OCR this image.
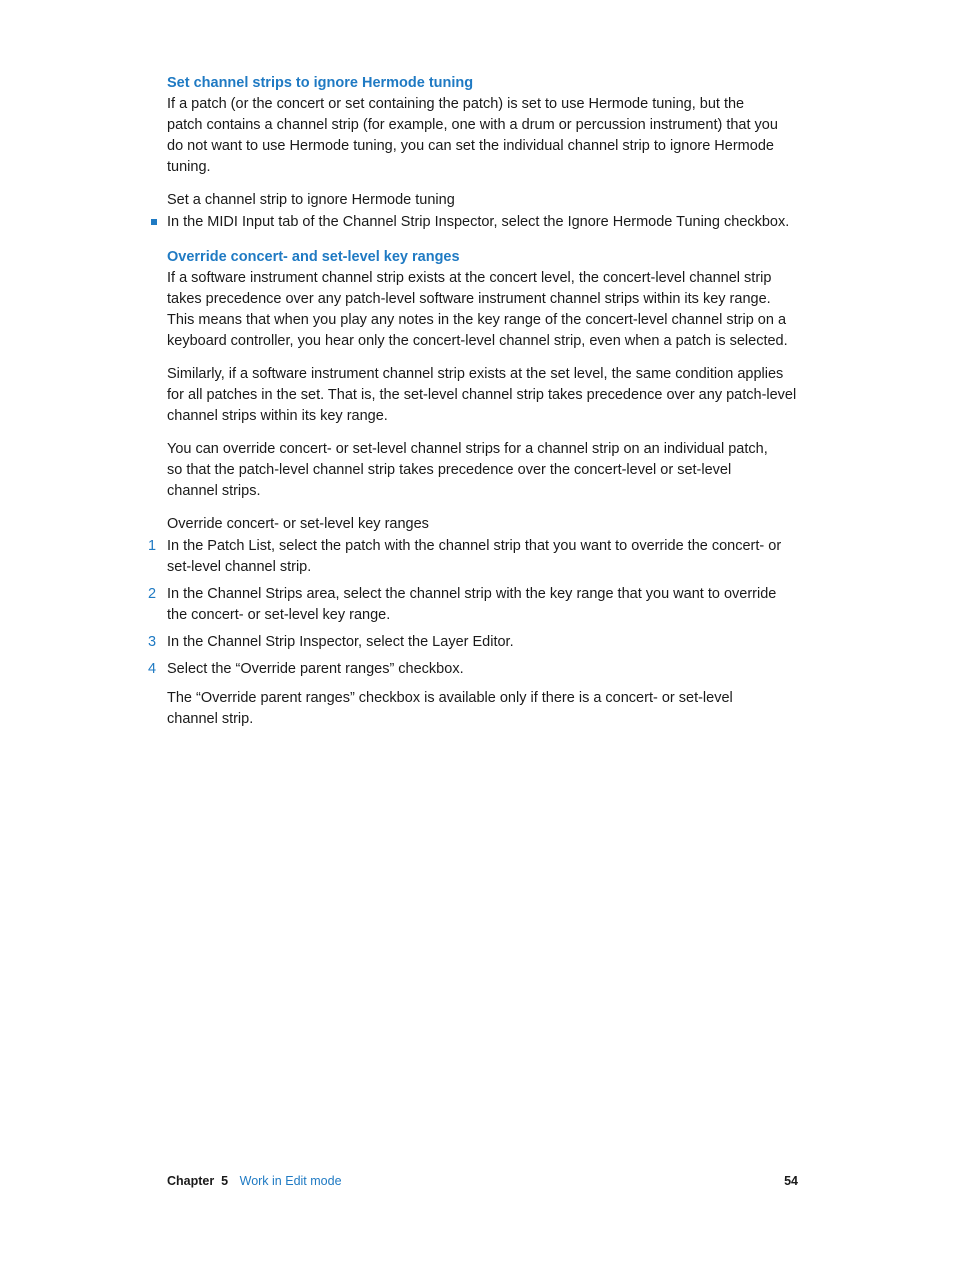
Set channel strips to ignore Hermode tuning

If a patch (or the concert or set containing the patch) is set to use Hermode tuning, but the
patch contains a channel strip (for example, one with a drum or percussion instrument) that you
do not want to use Hermode tuning, you can set the individual channel strip to ignore Hermode
tuning.

Set a channel strip to ignore Hermode tuning

In the MIDI Input tab of the Channel Strip Inspector, select the Ignore Hermode Tuning checkbox.
Override concert- and set-level key ranges

If a software instrument channel strip exists at the concert level, the concert-level channel strip
takes precedence over any patch-level software instrument channel strips within its key range.
This means that when you play any notes in the key range of the concert-level channel strip on a
keyboard controller, you hear only the concert-level channel strip, even when a patch is selected.

Similarly, if a software instrument channel strip exists at the set level, the same condition applies
for all patches in the set. That is, the set-level channel strip takes precedence over any patch-level
channel strips within its key range.

You can override concert- or set-level channel strips for a channel strip on an individual patch,
so that the patch-level channel strip takes precedence over the concert-level or set-level
channel strips.

Override concert- or set-level key ranges

1 In the Patch List, select the patch with the channel strip that you want to override the concert- or
set-level channel strip.
2 In the Channel Strips area, select the channel strip with the key range that you want to override
the concert- or set-level key range.
3 In the Channel Strip Inspector, select the Layer Editor.
4 Select the “Override parent ranges” checkbox.

The “Override parent ranges” checkbox is available only if there is a concert- or set-level
channel strip.

Chapter  5 Work in Edit mode	54
